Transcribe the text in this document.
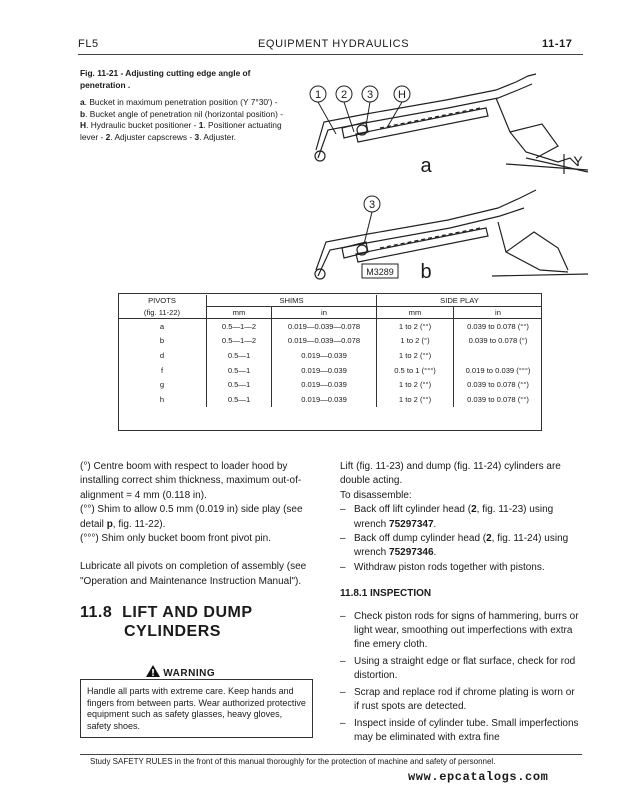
FL5	EQUIPMENT HYDRAULICS	11-17

Fig. 11-21 - Adjusting cutting edge angle of penetration .

a. Bucket in maximum penetration position (Y 7°30') - b. Bucket angle of penetration nil (horizontal position) - H. Hydraulic bucket positioner - 1. Positioner actuating lever - 2. Adjuster capscrews - 3. Adjuster.

1 2 3 H
3
M3289
a
b
Y
PIVOTS	SHIMS		SIDE PLAY	
(fig. 11-22)	mm	in	mm	in
a	0.5—1—2	0.019—0.039—0.078	1 to 2 (°°)	0.039 to 0.078 (°°)
b	0.5—1—2	0.019—0.039—0.078	1 to 2 (°)	0.039 to 0.078 (°)
d	0.5—1	0.019—0.039	1 to 2 (°°)	
f	0.5—1	0.019—0.039	0.5 to 1 (°°°)	0.019 to 0.039 (°°°)
g	0.5—1	0.019—0.039	1 to 2 (°°)	0.039 to 0.078 (°°)
h	0.5—1	0.019—0.039	1 to 2 (°°)	0.039 to 0.078 (°°)

(°) Centre boom with respect to loader hood by installing correct shim thickness, maximum out-of-alignment = 4 mm (0.118 in).

(°°) Shim to allow 0.5 mm (0.019 in) side play (see detail p, fig. 11-22).

(°°°) Shim only bucket boom front pivot pin.

Lubricate all pivots on completion of assembly (see "Operation and Maintenance Instruction Manual").

11.8 LIFT AND DUMP
CYLINDERS

Handle all parts with extreme care. Keep hands and fingers from between parts. Wear authorized protective equipment such as safety glasses, heavy gloves, safety shoes.

WARNING

Lift (fig. 11-23) and dump (fig. 11-24) cylinders are double acting.

To disassemble:

– Back off lift cylinder head (2, fig. 11-23) using wrench 75297347.
– Back off dump cylinder head (2, fig. 11-24) using wrench 75297346.
– Withdraw piston rods together with pistons.

11.8.1 INSPECTION

– Check piston rods for signs of hammering, burrs or light wear, smoothing out imperfections with extra fine emery cloth.
– Using a straight edge or flat surface, check for rod distortion.
– Scrap and replace rod if chrome plating is worn or if rust spots are detected.
– Inspect inside of cylinder tube. Small imperfections may be eliminated with extra fine
Study SAFETY RULES in the front of this manual thoroughly for the protection of machine and safety of personnel.
www.epcatalogs.com
